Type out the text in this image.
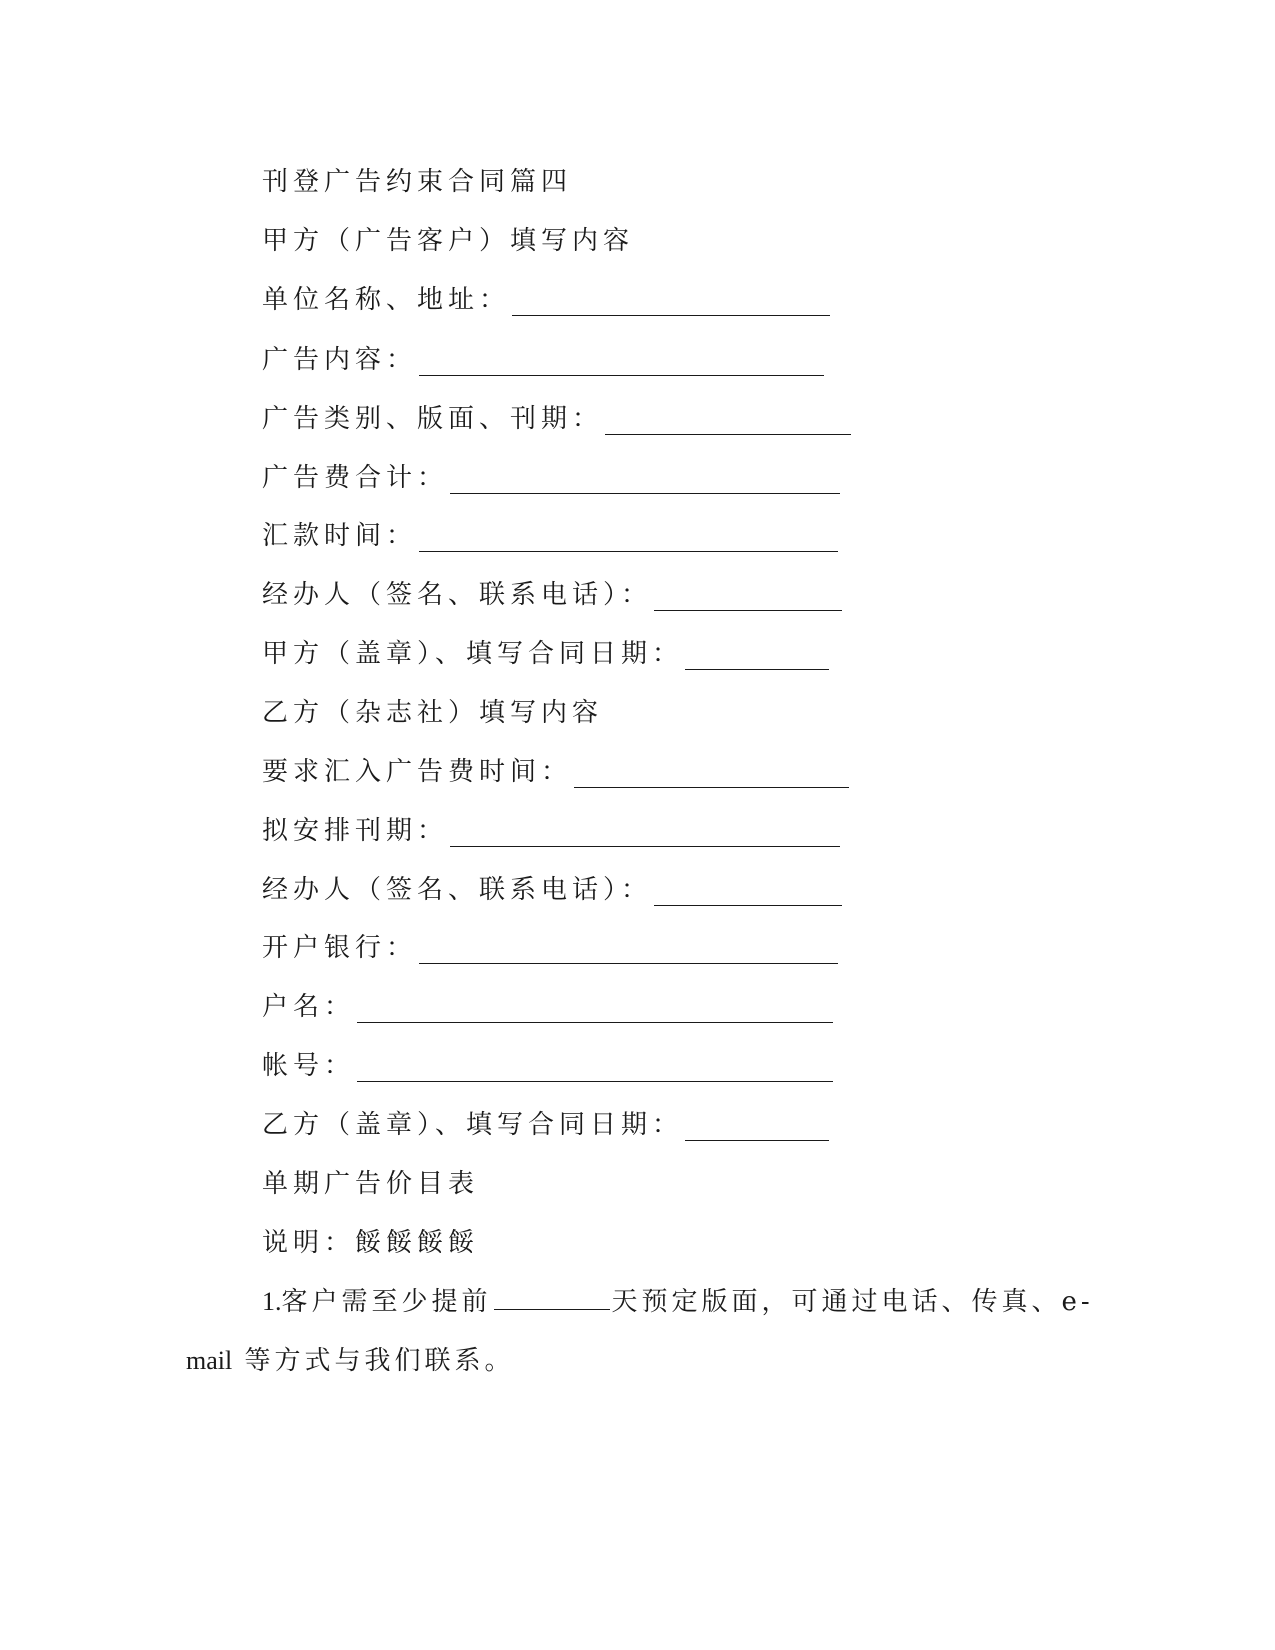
刊登广告约束合同篇四
甲方（广告客户）填写内容
单位名称、地址：
广告内容：
广告类别、版面、刊期：
广告费合计：
汇款时间：
经办人（签名、联系电话）：
甲方（盖章）、填写合同日期：
乙方（杂志社）填写内容
要求汇入广告费时间：
拟安排刊期：
经办人（签名、联系电话）：
开户银行：
户名：
帐号：
乙方（盖章）、填写合同日期：
单期广告价目表
说明：餒餒餒餒
1.客户需至少提前	天预定版面，可通过电话、传真、e-
mail 等方式与我们联系。
